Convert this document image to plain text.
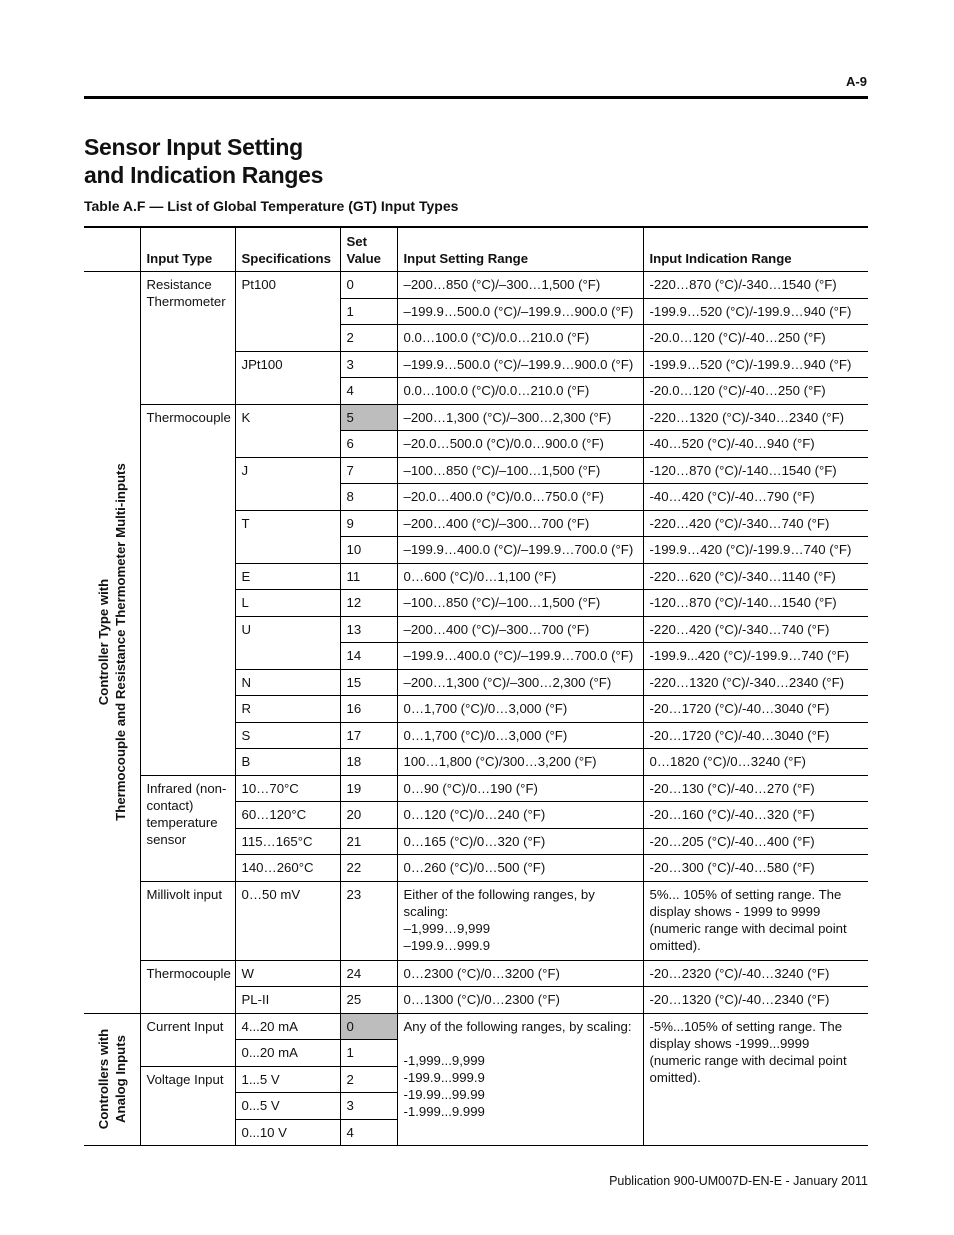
A-9
Sensor Input Setting
and Indication Ranges

Table A.F — List of Global Temperature (GT) Input Types

	Input Type	Specifications	Set Value	Input Setting Range	Input Indication Range

Controller Type with Thermocouple and Resistance Thermometer Multi-inputs	Resistance Thermometer	Pt100	0	–200…850 (°C)/–300…1,500 (°F)	-220…870 (°C)/-340…1540 (°F)
			1	–199.9…500.0 (°C)/–199.9…900.0 (°F)	-199.9…520 (°C)/-199.9…940 (°F)
			2	0.0…100.0 (°C)/0.0…210.0 (°F)	-20.0…120 (°C)/-40…250 (°F)
		JPt100	3	–199.9…500.0 (°C)/–199.9…900.0 (°F)	-199.9…520 (°C)/-199.9…940 (°F)
			4	0.0…100.0 (°C)/0.0…210.0 (°F)	-20.0…120 (°C)/-40…250 (°F)
	Thermocouple	K	5	–200…1,300 (°C)/–300…2,300 (°F)	-220…1320 (°C)/-340…2340 (°F)
			6	–20.0…500.0 (°C)/0.0…900.0 (°F)	-40…520 (°C)/-40…940 (°F)
		J	7	–100…850 (°C)/–100…1,500 (°F)	-120…870 (°C)/-140…1540 (°F)
			8	–20.0…400.0 (°C)/0.0…750.0 (°F)	-40…420 (°C)/-40…790 (°F)
		T	9	–200…400 (°C)/–300…700 (°F)	-220…420 (°C)/-340…740 (°F)
			10	–199.9…400.0 (°C)/–199.9…700.0 (°F)	-199.9…420 (°C)/-199.9…740 (°F)
		E	11	0…600 (°C)/0…1,100 (°F)	-220…620 (°C)/-340…1140 (°F)
		L	12	–100…850 (°C)/–100…1,500 (°F)	-120…870 (°C)/-140…1540 (°F)
		U	13	–200…400 (°C)/–300…700 (°F)	-220…420 (°C)/-340…740 (°F)
			14	–199.9…400.0 (°C)/–199.9…700.0 (°F)	-199.9...420 (°C)/-199.9…740 (°F)
		N	15	–200…1,300 (°C)/–300…2,300 (°F)	-220…1320 (°C)/-340…2340 (°F)
		R	16	0…1,700 (°C)/0…3,000 (°F)	-20…1720 (°C)/-40…3040 (°F)
		S	17	0…1,700 (°C)/0…3,000 (°F)	-20…1720 (°C)/-40…3040 (°F)
		B	18	100…1,800 (°C)/300…3,200 (°F)	0…1820 (°C)/0…3240 (°F)
	Infrared (non-contact) temperature sensor	10…70°C	19	0…90 (°C)/0…190 (°F)	-20…130 (°C)/-40…270 (°F)
		60…120°C	20	0…120 (°C)/0…240 (°F)	-20…160 (°C)/-40…320 (°F)
		115…165°C	21	0…165 (°C)/0…320 (°F)	-20…205 (°C)/-40…400 (°F)
		140…260°C	22	0…260 (°C)/0…500 (°F)	-20…300 (°C)/-40…580 (°F)
	Millivolt input	0…50 mV	23	Either of the following ranges, by scaling:
–1,999…9,999
–199.9…999.9	5%... 105% of setting range. The display shows - 1999 to 9999 (numeric range with decimal point omitted).
	Thermocouple	W	24	0…2300 (°C)/0…3200 (°F)	-20…2320 (°C)/-40…3240 (°F)
		PL-II	25	0…1300 (°C)/0…2300 (°F)	-20…1320 (°C)/-40…2340 (°F)

Controllers with Analog Inputs	Current Input	4...20 mA	0	Any of the following ranges, by scaling:

-1,999...9,999
-199.9...999.9
-19.99...99.99
-1.999...9.999	-5%...105% of setting range. The display shows -1999...9999 (numeric range with decimal point omitted).
		0...20 mA	1		
	Voltage Input	1...5 V	2		
		0...5 V	3		
		0...10 V	4		
Publication 900-UM007D-EN-E - January 2011
